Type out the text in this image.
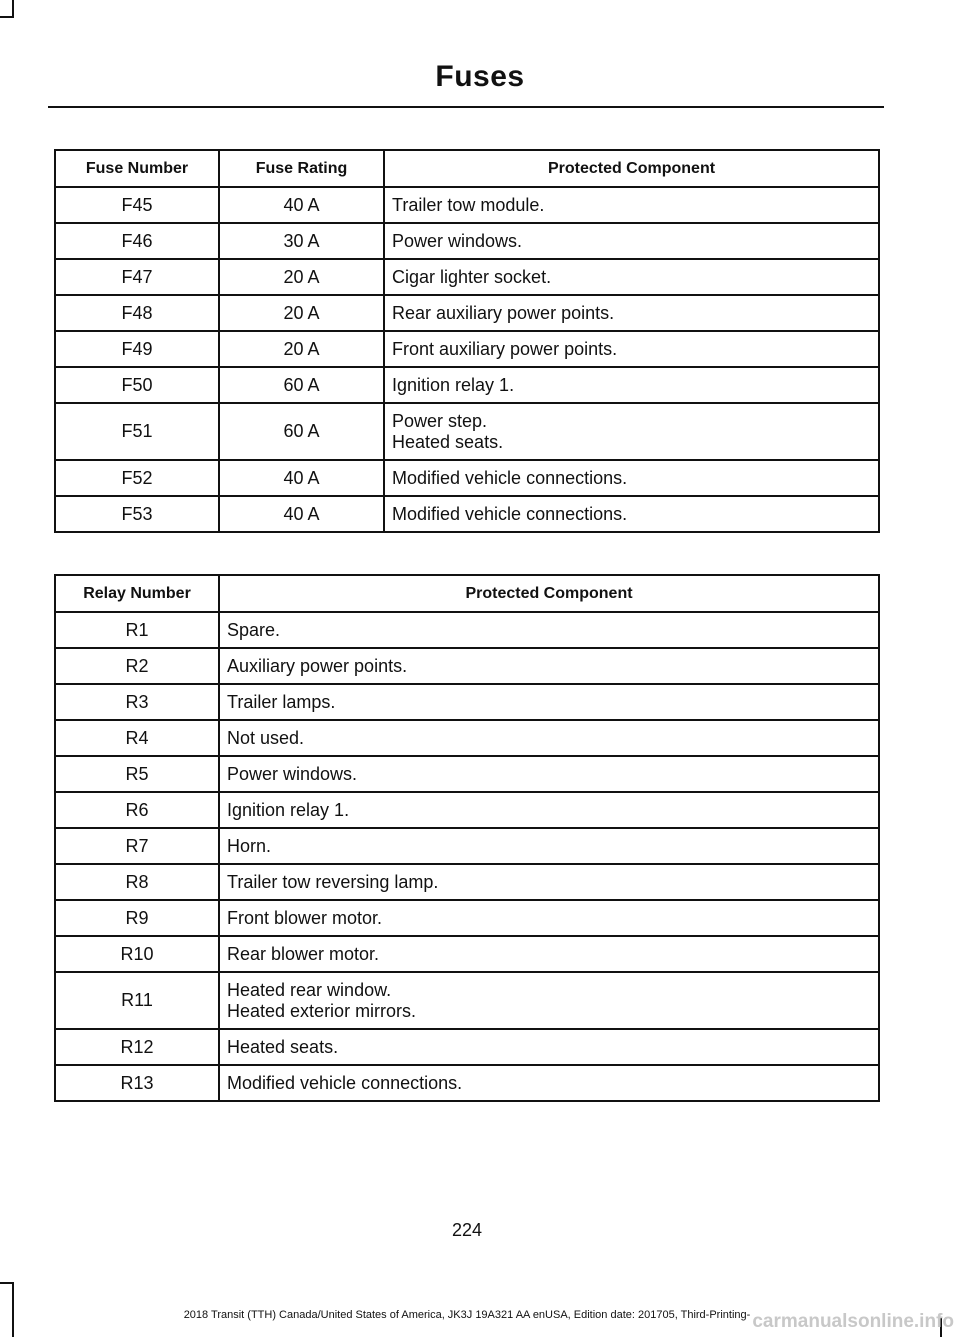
Fuses
Fuse Number	Fuse Rating	Protected Component
F45	40 A	Trailer tow module.

F46	30 A	Power windows.

F47	20 A	Cigar lighter socket.

F48	20 A	Rear auxiliary power points.

F49	20 A	Front auxiliary power points.

F50	60 A	Ignition relay 1.

F51	60 A	Power step.
Heated seats.

F52	40 A	Modified vehicle connections.

F53	40 A	Modified vehicle connections.
Relay Number	Protected Component
R1	Spare.

R2	Auxiliary power points.

R3	Trailer lamps.

R4	Not used.

R5	Power windows.

R6	Ignition relay 1.

R7	Horn.

R8	Trailer tow reversing lamp.

R9	Front blower motor.

R10	Rear blower motor.

R11	Heated rear window.
Heated exterior mirrors.

R12	Heated seats.

R13	Modified vehicle connections.
224
2018 Transit (TTH) Canada/United States of America, JK3J 19A321 AA enUSA, Edition date: 201705, Third-Printing- carmanualsonline.info
